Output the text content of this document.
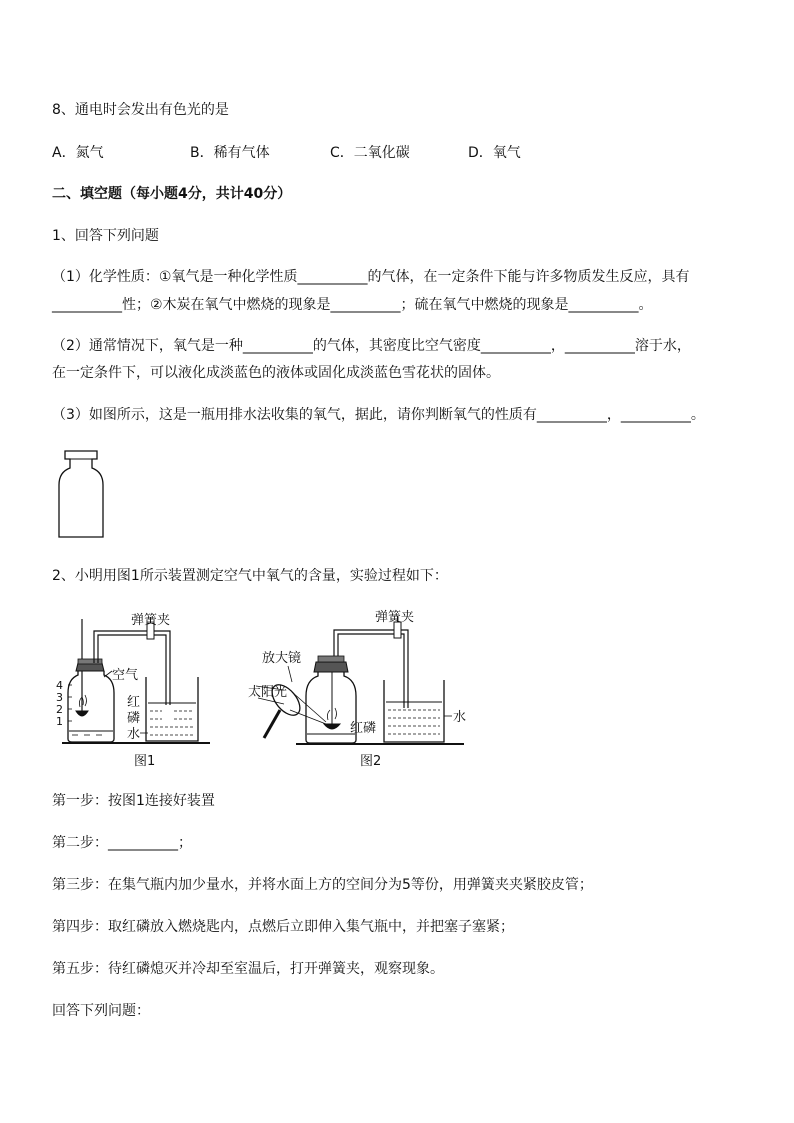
8、通电时会发出有色光的是
A．氮气	B．稀有气体	C．二氧化碳	D．氧气
二、填空题（每小题4分，共计40分）
1、回答下列问题
（1）化学性质：①氧气是一种化学性质__________的气体，在一定条件下能与许多物质发生反应，具有
__________性；②木炭在氧气中燃烧的现象是__________；硫在氧气中燃烧的现象是__________。
（2）通常情况下，氧气是一种__________的气体，其密度比空气密度__________，__________溶于水，
在一定条件下，可以液化成淡蓝色的液体或固化成淡蓝色雪花状的固体。
（3）如图所示，这是一瓶用排水法收集的氧气，据此，请你判断氧气的性质有__________，__________。
2、小明用图1所示装置测定空气中氧气的含量，实验过程如下：
弹簧夹
空气
红
磷
水
4
3
2
1
图1
弹簧夹
放大镜
太阳光
红磷
水
图2
第一步：按图1连接好装置
第二步：__________；
第三步：在集气瓶内加少量水，并将水面上方的空间分为5等份，用弹簧夹夹紧胶皮管；
第四步：取红磷放入燃烧匙内，点燃后立即伸入集气瓶中，并把塞子塞紧；
第五步：待红磷熄灭并冷却至室温后，打开弹簧夹，观察现象。
回答下列问题：
